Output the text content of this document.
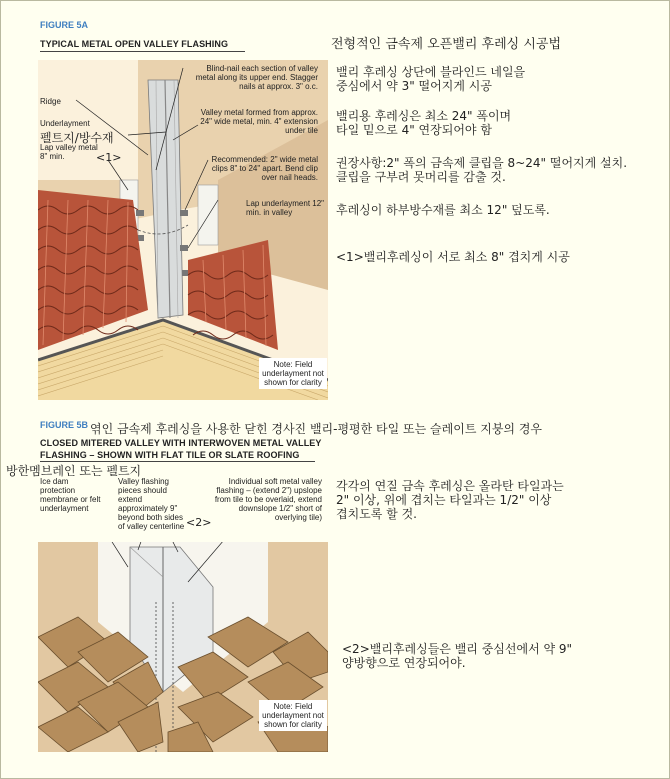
FIGURE 5A
TYPICAL METAL OPEN VALLEY FLASHING	전형적인 금속제 오픈밸리 후레싱 시공법
Blind-nail each section of valley metal along its upper end. Stagger nails at approx. 3" o.c.
Ridge
Valley metal formed from approx. 24" wide metal, min. 4" extension under tile
Underlayment
펠트지/방수재
Lap valley metal 8" min.	<1>	Recommended: 2" wide metal clips 8" to 24" apart. Bend clip over nail heads.
Lap underlayment 12" min. in valley
Note: Field underlayment not shown for clarity
밸리 후레싱 상단에 블라인드 네일을
중심에서 약 3" 떨어지게 시공
밸리용 후레싱은 최소 24" 폭이며
타일 밑으로 4" 연장되어야 함
권장사항:2" 폭의 금속제 클립을 8~24" 떨어지게 설치.
클립을 구부려 못머리를 감출 것.
후레싱이 하부방수재를 최소 12" 덮도록.
<1>밸리후레싱이 서로 최소 8" 겹치게 시공
FIGURE 5B 엮인 금속제 후레싱을 사용한 닫힌 경사진 밸리-평평한 타일 또는 슬레이트 지붕의 경우
CLOSED MITERED VALLEY WITH INTERWOVEN METAL VALLEY
FLASHING – SHOWN WITH FLAT TILE OR SLATE ROOFING
방한멤브레인 또는 펠트지
Ice dam protection membrane or felt underlayment
Valley flashing pieces should extend approximately 9" beyond both sides of valley centerline <2>
Individual soft metal valley flashing – (extend 2") upslope from tile to be overlaid, extend downslope 1/2" short of overlying tile)
Note: Field underlayment not shown for clarity
각각의 연질 금속 후레싱은 올라탄 타일과는
2" 이상, 위에 겹치는 타일과는 1/2" 이상
겹치도록 할 것.
<2>밸리후레싱들은 밸리 중심선에서 약 9"
양방향으로 연장되어야.
